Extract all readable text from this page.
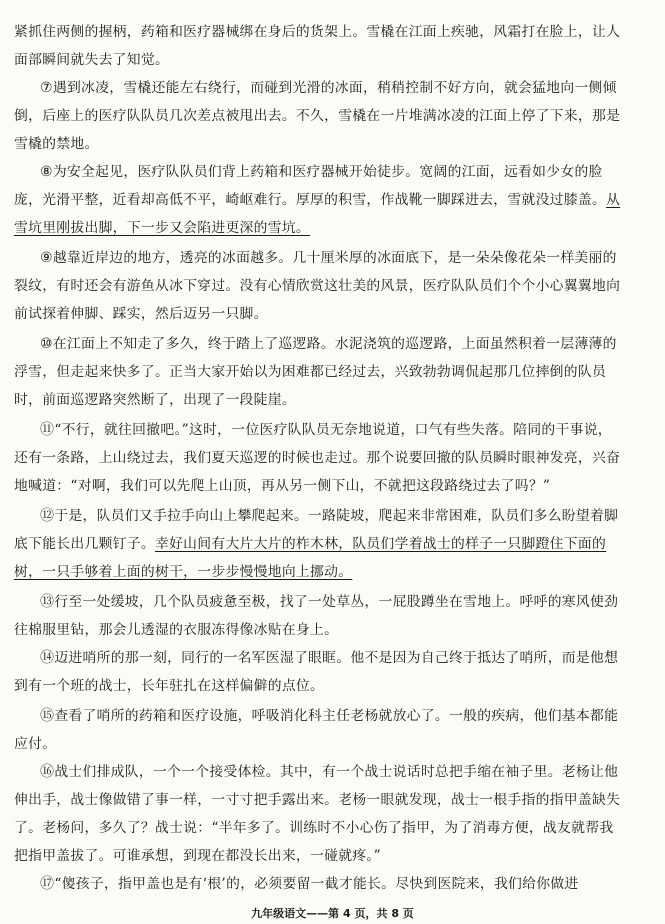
紧抓住两侧的握柄，药箱和医疗器械绑在身后的货架上。雪橇在江面上疾驰，风霜打在脸上，让人面部瞬间就失去了知觉。

⑦遇到冰凌，雪橇还能左右绕行，而碰到光滑的冰面，稍稍控制不好方向，就会猛地向一侧倾倒，后座上的医疗队队员几次差点被甩出去。不久，雪橇在一片堆满冰凌的江面上停了下来，那是雪橇的禁地。

⑧为安全起见，医疗队队员们背上药箱和医疗器械开始徒步。宽阔的江面，远看如少女的脸庞，光滑平整，近看却高低不平，崎岖难行。厚厚的积雪，作战靴一脚踩进去，雪就没过膝盖。从雪坑里刚拔出脚，下一步又会陷进更深的雪坑。

⑨越靠近岸边的地方，透亮的冰面越多。几十厘米厚的冰面底下，是一朵朵像花朵一样美丽的裂纹，有时还会有游鱼从冰下穿过。没有心情欣赏这壮美的风景，医疗队队员们个个小心翼翼地向前试探着伸脚、踩实，然后迈另一只脚。

⑩在江面上不知走了多久，终于踏上了巡逻路。水泥浇筑的巡逻路，上面虽然积着一层薄薄的浮雪，但走起来快多了。正当大家开始以为困难都已经过去，兴致勃勃调侃起那几位摔倒的队员时，前面巡逻路突然断了，出现了一段陡崖。

⑪“不行，就往回撤吧。”这时，一位医疗队队员无奈地说道，口气有些失落。陪同的干事说，还有一条路，上山绕过去，我们夏天巡逻的时候也走过。那个说要回撤的队员瞬时眼神发亮，兴奋地喊道：“对啊，我们可以先爬上山顶，再从另一侧下山，不就把这段路绕过去了吗？”

⑫于是，队员们又手拉手向山上攀爬起来。一路陡坡，爬起来非常困难，队员们多么盼望着脚底下能长出几颗钉子。幸好山间有大片大片的柞木林，队员们学着战士的样子一只脚蹬住下面的树，一只手够着上面的树干，一步步慢慢地向上挪动。

⑬行至一处缓坡，几个队员疲惫至极，找了一处草丛，一屁股蹲坐在雪地上。呼呼的寒风使劲往棉服里钻，那会儿透湿的衣服冻得像冰贴在身上。

⑭迈进哨所的那一刻，同行的一名军医湿了眼眶。他不是因为自己终于抵达了哨所，而是他想到有一个班的战士，长年驻扎在这样偏僻的点位。

⑮查看了哨所的药箱和医疗设施，呼吸消化科主任老杨就放心了。一般的疾病，他们基本都能应付。

⑯战士们排成队，一个一个接受体检。其中，有一个战士说话时总把手缩在袖子里。老杨让他伸出手，战士像做错了事一样，一寸寸把手露出来。老杨一眼就发现，战士一根手指的指甲盖缺失了。老杨问，多久了？战士说：“半年多了。训练时不小心伤了指甲，为了消毒方便，战友就帮我把指甲盖拔了。可谁承想，到现在都没长出来，一碰就疼。”

⑰“傻孩子，指甲盖也是有‘根’的，必须要留一截才能长。尽快到医院来，我们给你做进

九年级语文——第 4 页，共 8 页
